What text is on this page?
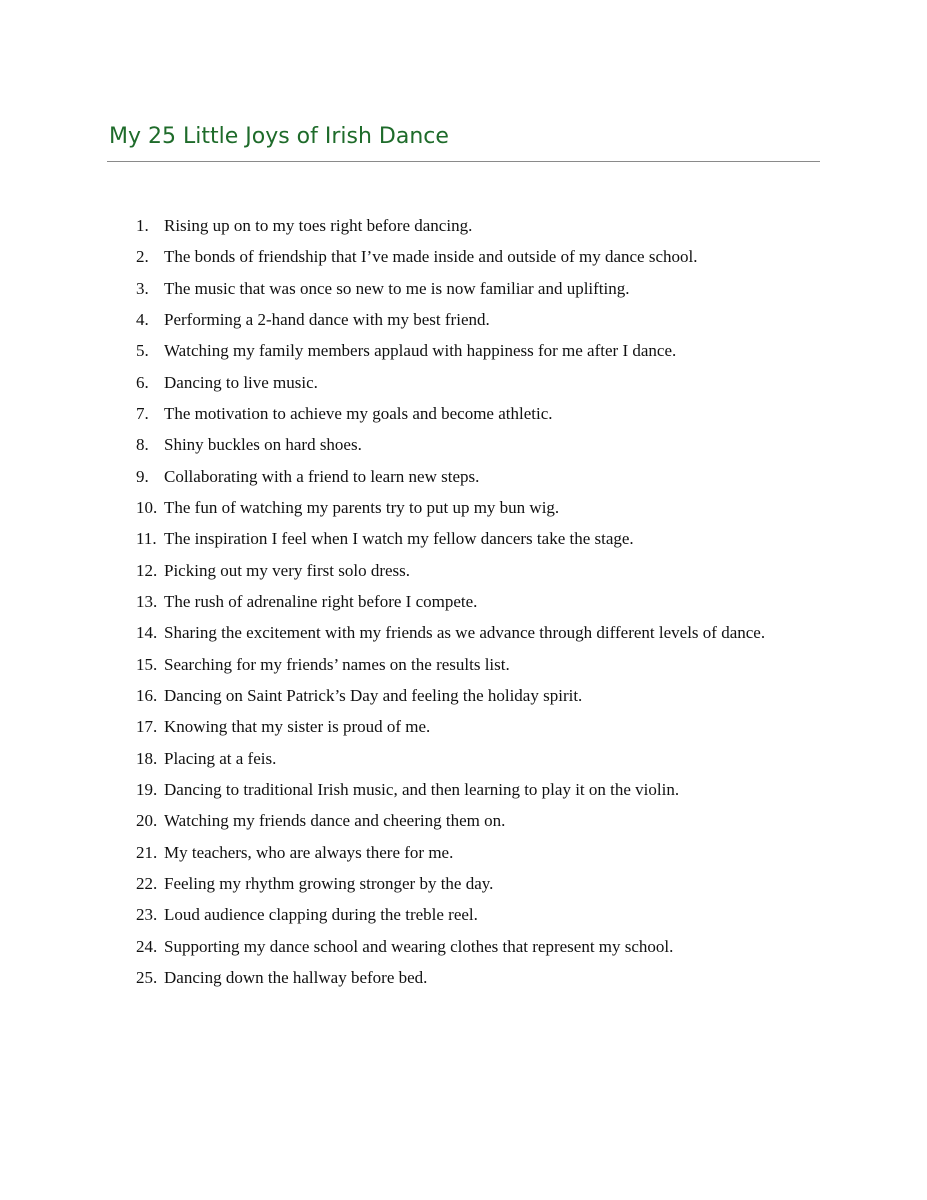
My 25 Little Joys of Irish Dance
1. Rising up on to my toes right before dancing.
2. The bonds of friendship that I’ve made inside and outside of my dance school.
3. The music that was once so new to me is now familiar and uplifting.
4. Performing a 2-hand dance with my best friend.
5. Watching my family members applaud with happiness for me after I dance.
6. Dancing to live music.
7. The motivation to achieve my goals and become athletic.
8. Shiny buckles on hard shoes.
9. Collaborating with a friend to learn new steps.
10. The fun of watching my parents try to put up my bun wig.
11. The inspiration I feel when I watch my fellow dancers take the stage.
12. Picking out my very first solo dress.
13. The rush of adrenaline right before I compete.
14. Sharing the excitement with my friends as we advance through different levels of dance.
15. Searching for my friends’ names on the results list.
16. Dancing on Saint Patrick’s Day and feeling the holiday spirit.
17. Knowing that my sister is proud of me.
18. Placing at a feis.
19. Dancing to traditional Irish music, and then learning to play it on the violin.
20. Watching my friends dance and cheering them on.
21. My teachers, who are always there for me.
22. Feeling my rhythm growing stronger by the day.
23. Loud audience clapping during the treble reel.
24. Supporting my dance school and wearing clothes that represent my school.
25. Dancing down the hallway before bed.
